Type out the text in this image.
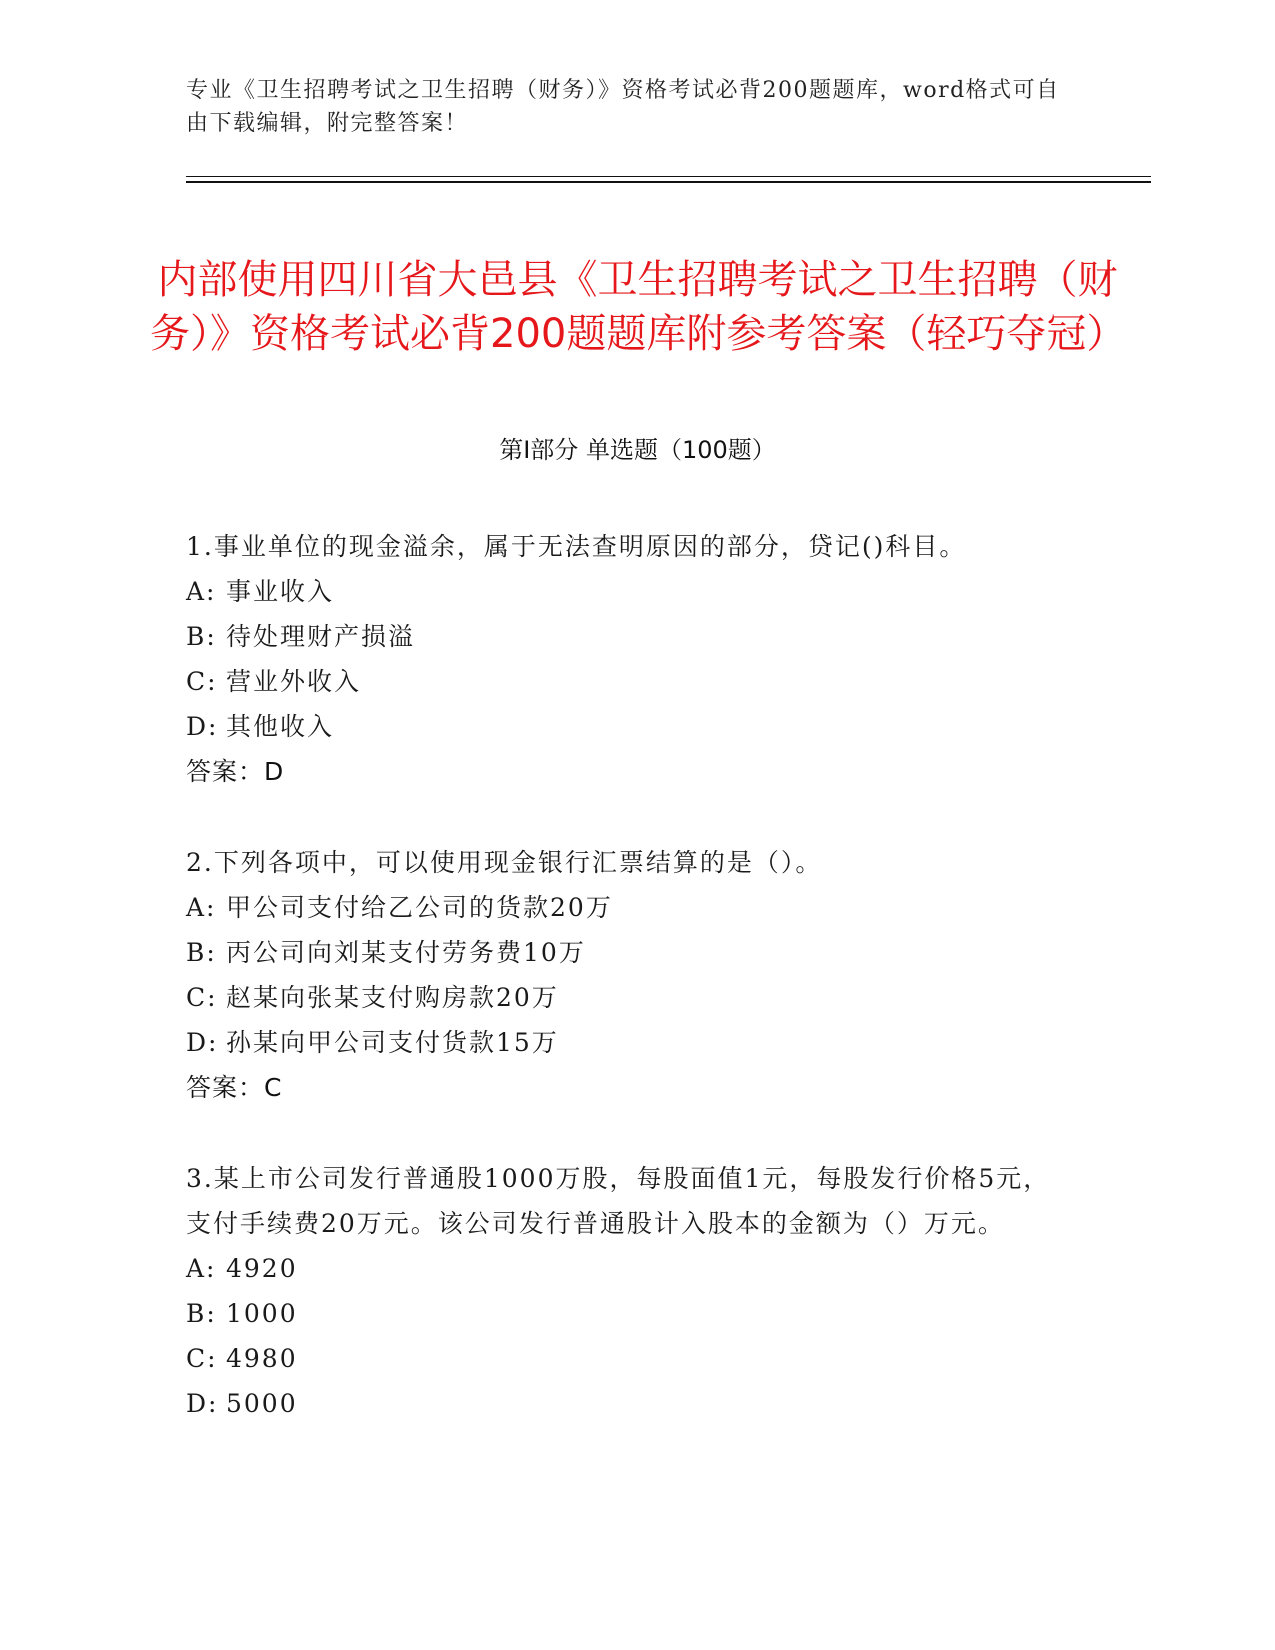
专业《卫生招聘考试之卫生招聘（财务）》资格考试必背200题题库，word格式可自由下载编辑，附完整答案！
内部使用四川省大邑县《卫生招聘考试之卫生招聘（财务）》资格考试必背200题题库附参考答案（轻巧夺冠）
第Ⅰ部分 单选题（100题）
1.事业单位的现金溢余，属于无法查明原因的部分，贷记()科目。
A: 事业收入
B: 待处理财产损溢
C: 营业外收入
D: 其他收入
答案：D
2.下列各项中，可以使用现金银行汇票结算的是（）。
A: 甲公司支付给乙公司的货款20万
B: 丙公司向刘某支付劳务费10万
C: 赵某向张某支付购房款20万
D: 孙某向甲公司支付货款15万
答案：C
3.某上市公司发行普通股1000万股，每股面值1元，每股发行价格5元，支付手续费20万元。该公司发行普通股计入股本的金额为（）万元。
A: 4920
B: 1000
C: 4980
D: 5000
